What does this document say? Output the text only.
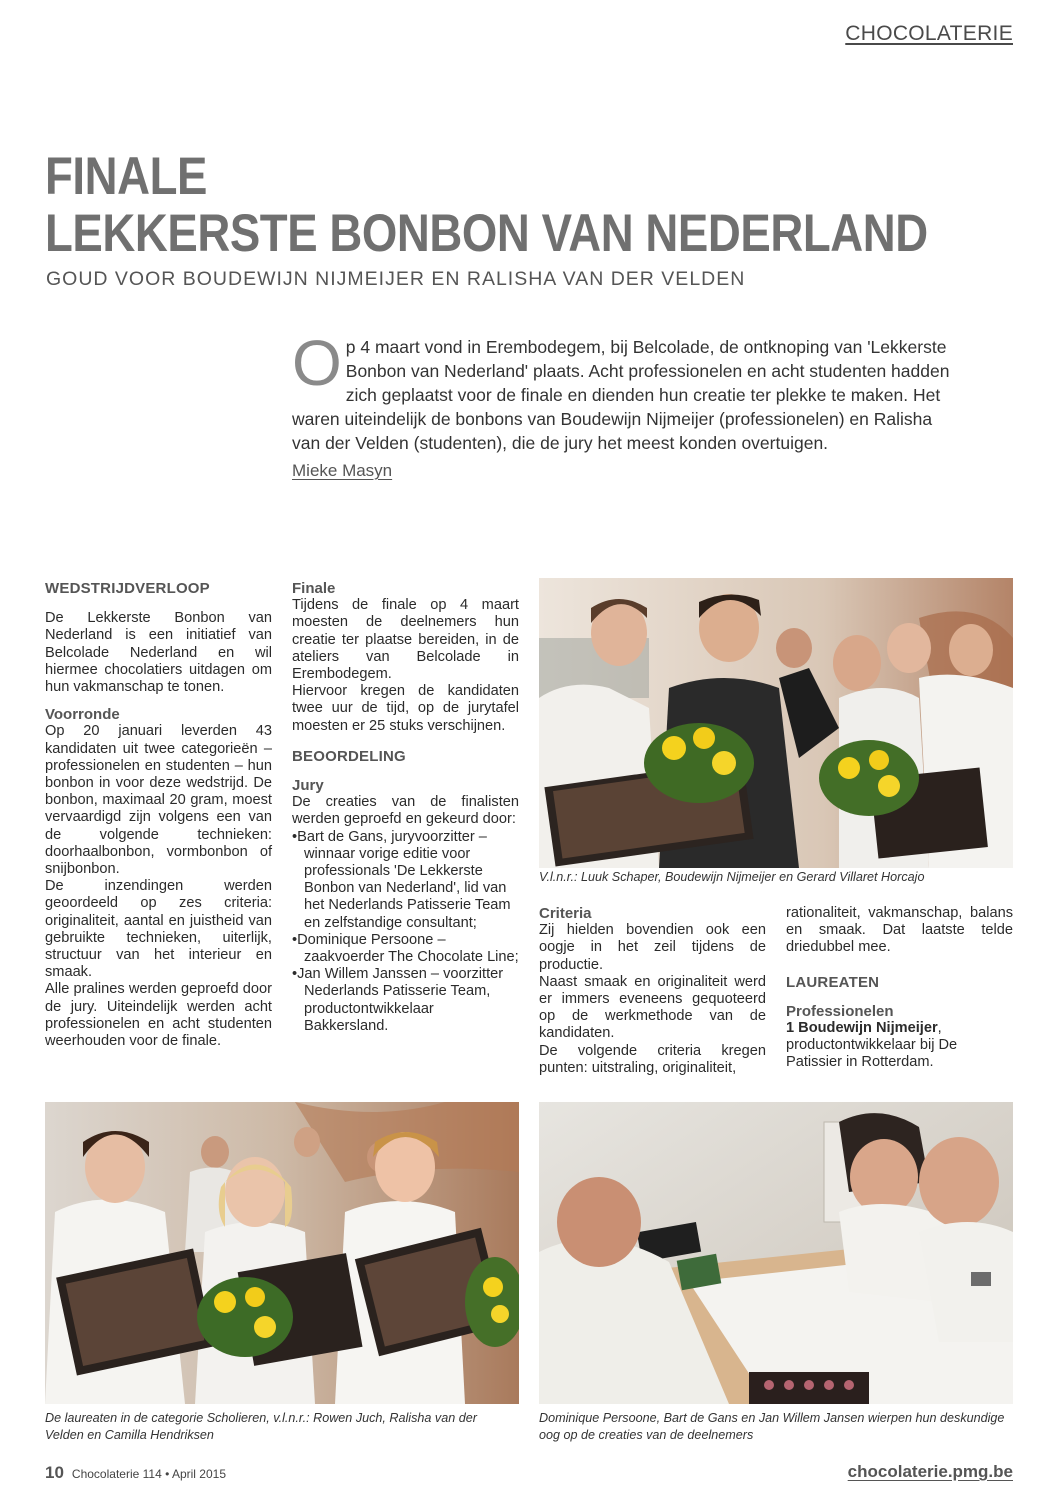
CHOCOLATERIE
FINALE
LEKKERSTE BONBON VAN NEDERLAND
GOUD VOOR BOUDEWIJN NIJMEIJER EN RALISHA VAN DER VELDEN
Op 4 maart vond in Erembodegem, bij Belcolade, de ontknoping van 'Lekkerste Bonbon van Nederland' plaats. Acht professionelen en acht studenten hadden zich geplaatst voor de finale en dienden hun creatie ter plekke te maken. Het waren uiteindelijk de bonbons van Boudewijn Nijmeijer (professionelen) en Ralisha van der Velden (studenten), die de jury het meest konden overtuigen.
Mieke Masyn
WEDSTRIJDVERLOOP

De Lekkerste Bonbon van Nederland is een initiatief van Belcolade Nederland en wil hiermee chocolatiers uitdagen om hun vakmanschap te tonen.

Voorronde

Op 20 januari leverden 43 kandidaten uit twee categorieën – professionelen en studenten – hun bonbon in voor deze wedstrijd. De bonbon, maximaal 20 gram, moest vervaardigd zijn volgens een van de volgende technieken: doorhaalbonbon, vormbonbon of snijbonbon.

De inzendingen werden geoordeeld op zes criteria: originaliteit, aantal en juistheid van gebruikte technieken, uiterlijk, structuur van het interieur en smaak.

Alle pralines werden geproefd door de jury. Uiteindelijk werden acht professionelen en acht studenten weerhouden voor de finale.

Finale

Tijdens de finale op 4 maart moesten de deelnemers hun creatie ter plaatse bereiden, in de ateliers van Belcolade in Erembodegem.

Hiervoor kregen de kandidaten twee uur de tijd, op de jurytafel moesten er 25 stuks verschijnen.

BEOORDELING
Jury

De creaties van de finalisten werden geproefd en gekeurd door:

•Bart de Gans, juryvoorzitter – winnaar vorige editie voor professionals 'De Lekkerste Bonbon van Nederland', lid van het Nederlands Patisserie Team en zelfstandige consultant;
•Dominique Persoone – zaakvoerder The Chocolate Line;
•Jan Willem Janssen – voorzitter Nederlands Patisserie Team, productontwikkelaar Bakkersland.
V.l.n.r.: Luuk Schaper, Boudewijn Nijmeijer en Gerard Villaret Horcajo
Criteria

Zij hielden bovendien ook een oogje in het zeil tijdens de productie.

Naast smaak en originaliteit werd er immers eveneens gequoteerd op de werkmethode van de kandidaten.

De volgende criteria kregen punten: uitstraling, originaliteit,

rationaliteit, vakmanschap, balans en smaak. Dat laatste telde driedubbel mee.

LAUREATEN
Professionelen

1 Boudewijn Nijmeijer, productontwikkelaar bij De Patissier in Rotterdam.

De laureaten in de categorie Scholieren, v.l.n.r.: Rowen Juch, Ralisha van der Velden en Camilla Hendriksen
Dominique Persoone, Bart de Gans en Jan Willem Jansen wierpen hun deskundige oog op de creaties van de deelnemers
10 Chocolaterie 114 • April 2015	chocolaterie.pmg.be
